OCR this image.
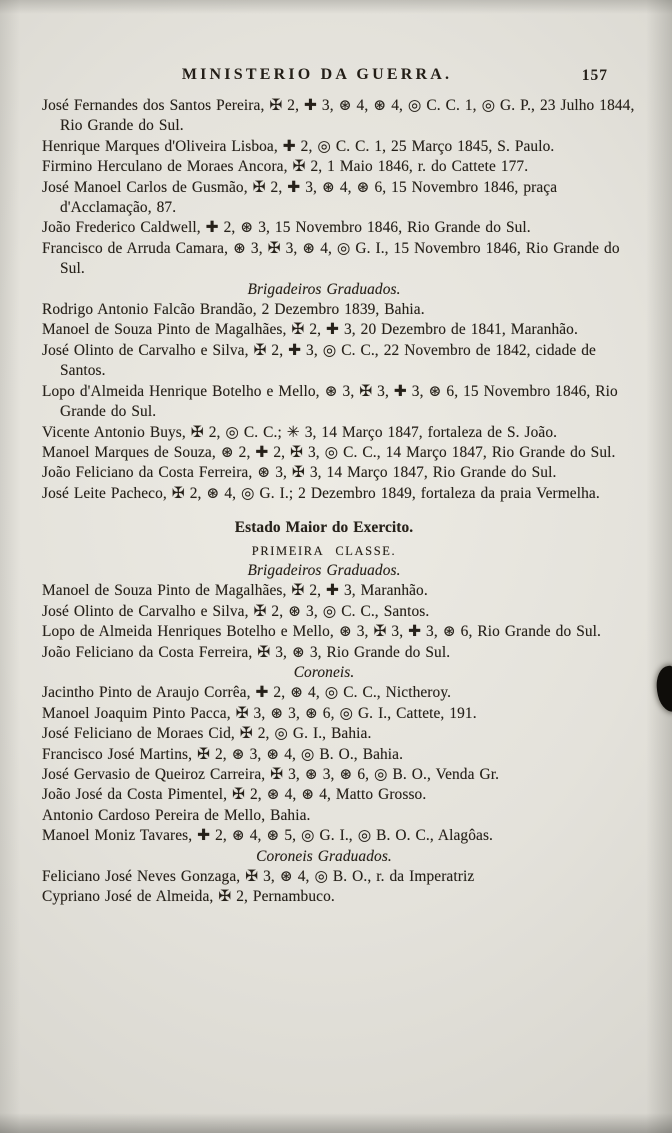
MINISTERIO DA GUERRA.	157

José Fernandes dos Santos Pereira, ✠ 2, ✚ 3, ⊛ 4, ⊛ 4, ◎ C. C. 1, ◎ G. P., 23 Julho 1844, Rio Grande do Sul.

Henrique Marques d'Oliveira Lisboa, ✚ 2, ◎ C. C. 1, 25 Março 1845, S. Paulo.

Firmino Herculano de Moraes Ancora, ✠ 2, 1 Maio 1846, r. do Cattete 177.

José Manoel Carlos de Gusmão, ✠ 2, ✚ 3, ⊛ 4, ⊛ 6, 15 Novembro 1846, praça d'Acclamação, 87.

João Frederico Caldwell, ✚ 2, ⊛ 3, 15 Novembro 1846, Rio Grande do Sul.

Francisco de Arruda Camara, ⊛ 3, ✠ 3, ⊛ 4, ◎ G. I., 15 Novembro 1846, Rio Grande do Sul.

Brigadeiros Graduados.

Rodrigo Antonio Falcão Brandão, 2 Dezembro 1839, Bahia.

Manoel de Souza Pinto de Magalhães, ✠ 2, ✚ 3, 20 Dezembro de 1841, Maranhão.

José Olinto de Carvalho e Silva, ✠ 2, ✚ 3, ◎ C. C., 22 Novembro de 1842, cidade de Santos.

Lopo d'Almeida Henrique Botelho e Mello, ⊛ 3, ✠ 3, ✚ 3, ⊛ 6, 15 Novembro 1846, Rio Grande do Sul.

Vicente Antonio Buys, ✠ 2, ◎ C. C.; ✳ 3, 14 Março 1847, fortaleza de S. João.

Manoel Marques de Souza, ⊛ 2, ✚ 2, ✠ 3, ◎ C. C., 14 Março 1847, Rio Grande do Sul.

João Feliciano da Costa Ferreira, ⊛ 3, ✠ 3, 14 Março 1847, Rio Grande do Sul.

José Leite Pacheco, ✠ 2, ⊛ 4, ◎ G. I.; 2 Dezembro 1849, fortaleza da praia Vermelha.

Estado Maior do Exercito.

PRIMEIRA CLASSE.

Brigadeiros Graduados.

Manoel de Souza Pinto de Magalhães, ✠ 2, ✚ 3, Maranhão.

José Olinto de Carvalho e Silva, ✠ 2, ⊛ 3, ◎ C. C., Santos.

Lopo de Almeida Henriques Botelho e Mello, ⊛ 3, ✠ 3, ✚ 3, ⊛ 6, Rio Grande do Sul.

João Feliciano da Costa Ferreira, ✠ 3, ⊛ 3, Rio Grande do Sul.

Coroneis.

Jacintho Pinto de Araujo Corrêa, ✚ 2, ⊛ 4, ◎ C. C., Nictheroy.

Manoel Joaquim Pinto Pacca, ✠ 3, ⊛ 3, ⊛ 6, ◎ G. I., Cattete, 191.

José Feliciano de Moraes Cid, ✠ 2, ◎ G. I., Bahia.

Francisco José Martins, ✠ 2, ⊛ 3, ⊛ 4, ◎ B. O., Bahia.

José Gervasio de Queiroz Carreira, ✠ 3, ⊛ 3, ⊛ 6, ◎ B. O., Venda Gr.

João José da Costa Pimentel, ✠ 2, ⊛ 4, ⊛ 4, Matto Grosso.

Antonio Cardoso Pereira de Mello, Bahia.

Manoel Moniz Tavares, ✚ 2, ⊛ 4, ⊛ 5, ◎ G. I., ◎ B. O. C., Alagôas.

Coroneis Graduados.

Feliciano José Neves Gonzaga, ✠ 3, ⊛ 4, ◎ B. O., r. da Imperatriz

Cypriano José de Almeida, ✠ 2, Pernambuco.
